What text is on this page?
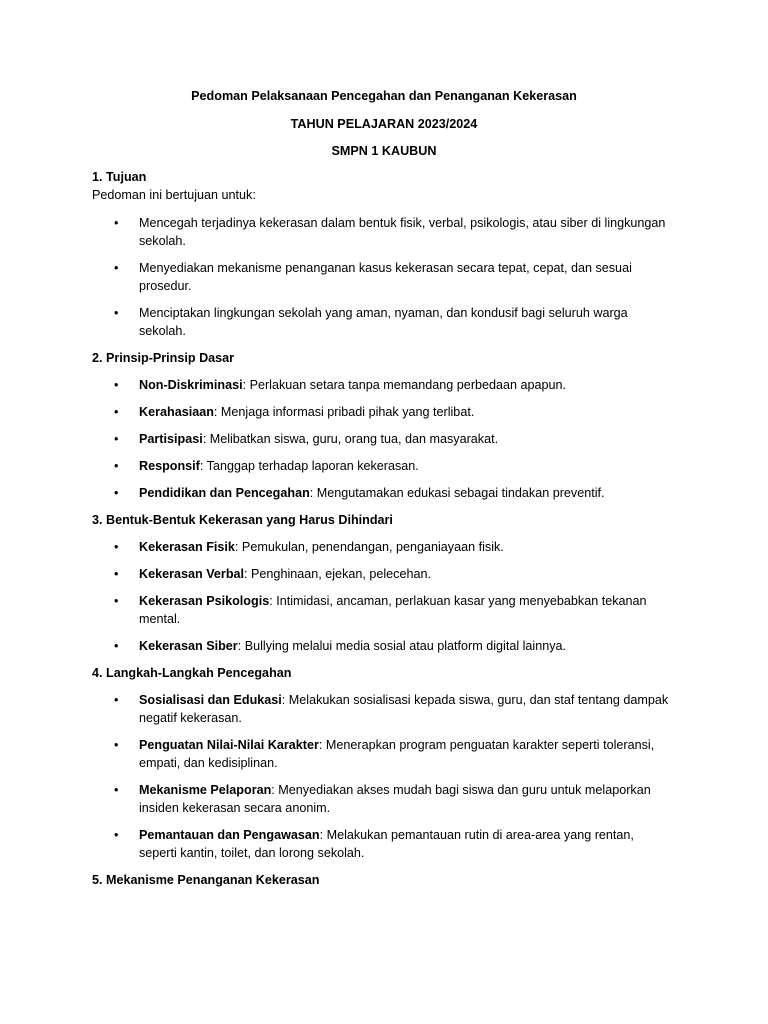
Pedoman Pelaksanaan Pencegahan dan Penanganan Kekerasan

TAHUN PELAJARAN 2023/2024

SMPN 1 KAUBUN

1. Tujuan

Pedoman ini bertujuan untuk:

• Mencegah terjadinya kekerasan dalam bentuk fisik, verbal, psikologis, atau siber di lingkungan sekolah.
• Menyediakan mekanisme penanganan kasus kekerasan secara tepat, cepat, dan sesuai prosedur.
• Menciptakan lingkungan sekolah yang aman, nyaman, dan kondusif bagi seluruh warga sekolah.

2. Prinsip-Prinsip Dasar

• Non-Diskriminasi: Perlakuan setara tanpa memandang perbedaan apapun.
• Kerahasiaan: Menjaga informasi pribadi pihak yang terlibat.
• Partisipasi: Melibatkan siswa, guru, orang tua, dan masyarakat.
• Responsif: Tanggap terhadap laporan kekerasan.
• Pendidikan dan Pencegahan: Mengutamakan edukasi sebagai tindakan preventif.

3. Bentuk-Bentuk Kekerasan yang Harus Dihindari

• Kekerasan Fisik: Pemukulan, penendangan, penganiayaan fisik.
• Kekerasan Verbal: Penghinaan, ejekan, pelecehan.
• Kekerasan Psikologis: Intimidasi, ancaman, perlakuan kasar yang menyebabkan tekanan mental.
• Kekerasan Siber: Bullying melalui media sosial atau platform digital lainnya.

4. Langkah-Langkah Pencegahan

• Sosialisasi dan Edukasi: Melakukan sosialisasi kepada siswa, guru, dan staf tentang dampak negatif kekerasan.
• Penguatan Nilai-Nilai Karakter: Menerapkan program penguatan karakter seperti toleransi, empati, dan kedisiplinan.
• Mekanisme Pelaporan: Menyediakan akses mudah bagi siswa dan guru untuk melaporkan insiden kekerasan secara anonim.
• Pemantauan dan Pengawasan: Melakukan pemantauan rutin di area-area yang rentan, seperti kantin, toilet, dan lorong sekolah.

5. Mekanisme Penanganan Kekerasan
